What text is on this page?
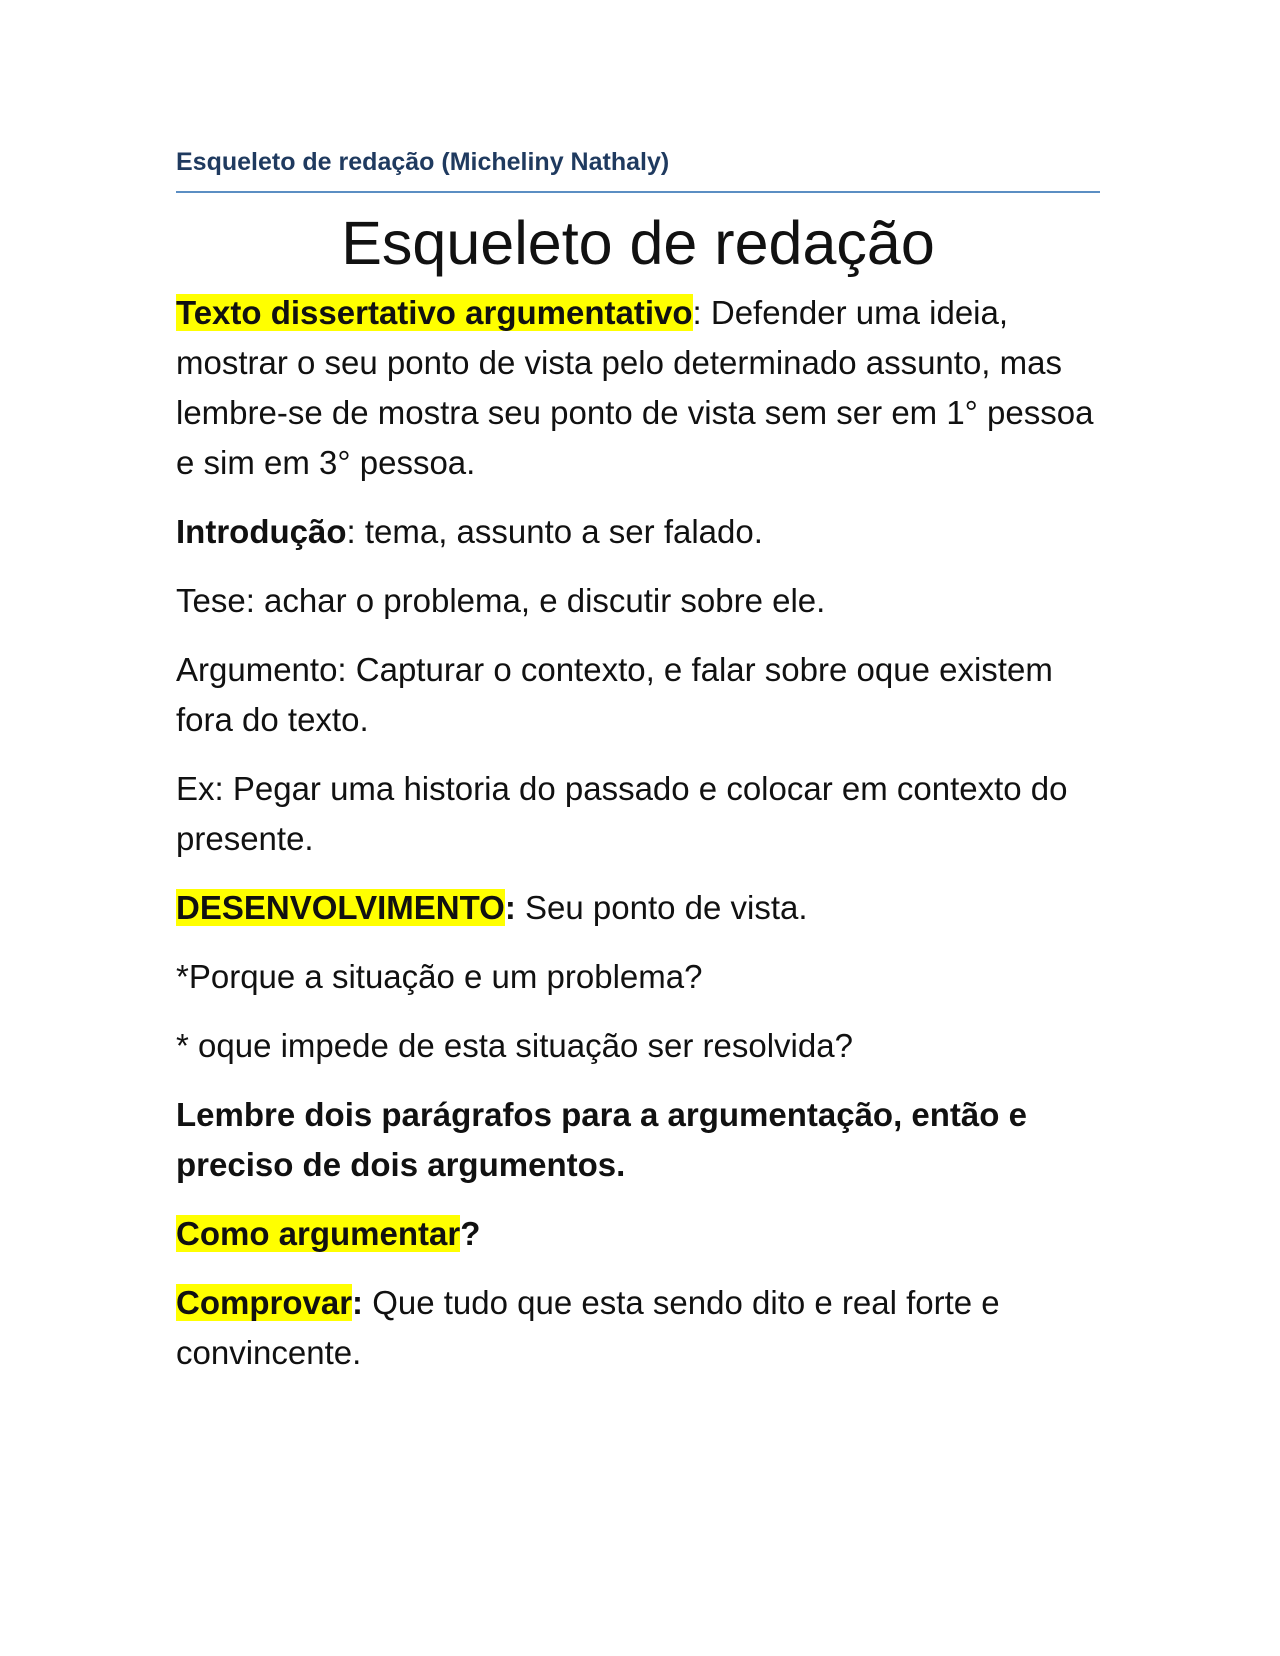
Esqueleto de redação (Micheliny Nathaly)
Esqueleto de redação

Texto dissertativo argumentativo: Defender uma ideia, mostrar o seu ponto de vista pelo determinado assunto, mas lembre-se de mostra seu ponto de vista sem ser em 1° pessoa e sim em 3° pessoa.

Introdução: tema, assunto a ser falado.

Tese: achar o problema, e discutir sobre ele.

Argumento: Capturar o contexto, e falar sobre oque existem fora do texto.

Ex: Pegar uma historia do passado e colocar em contexto do presente.

DESENVOLVIMENTO: Seu ponto de vista.

*Porque a situação e um problema?

* oque impede de esta situação ser resolvida?

Lembre dois parágrafos para a argumentação, então e preciso de dois argumentos.

Como argumentar?

Comprovar: Que tudo que esta sendo dito e real forte e convincente.
